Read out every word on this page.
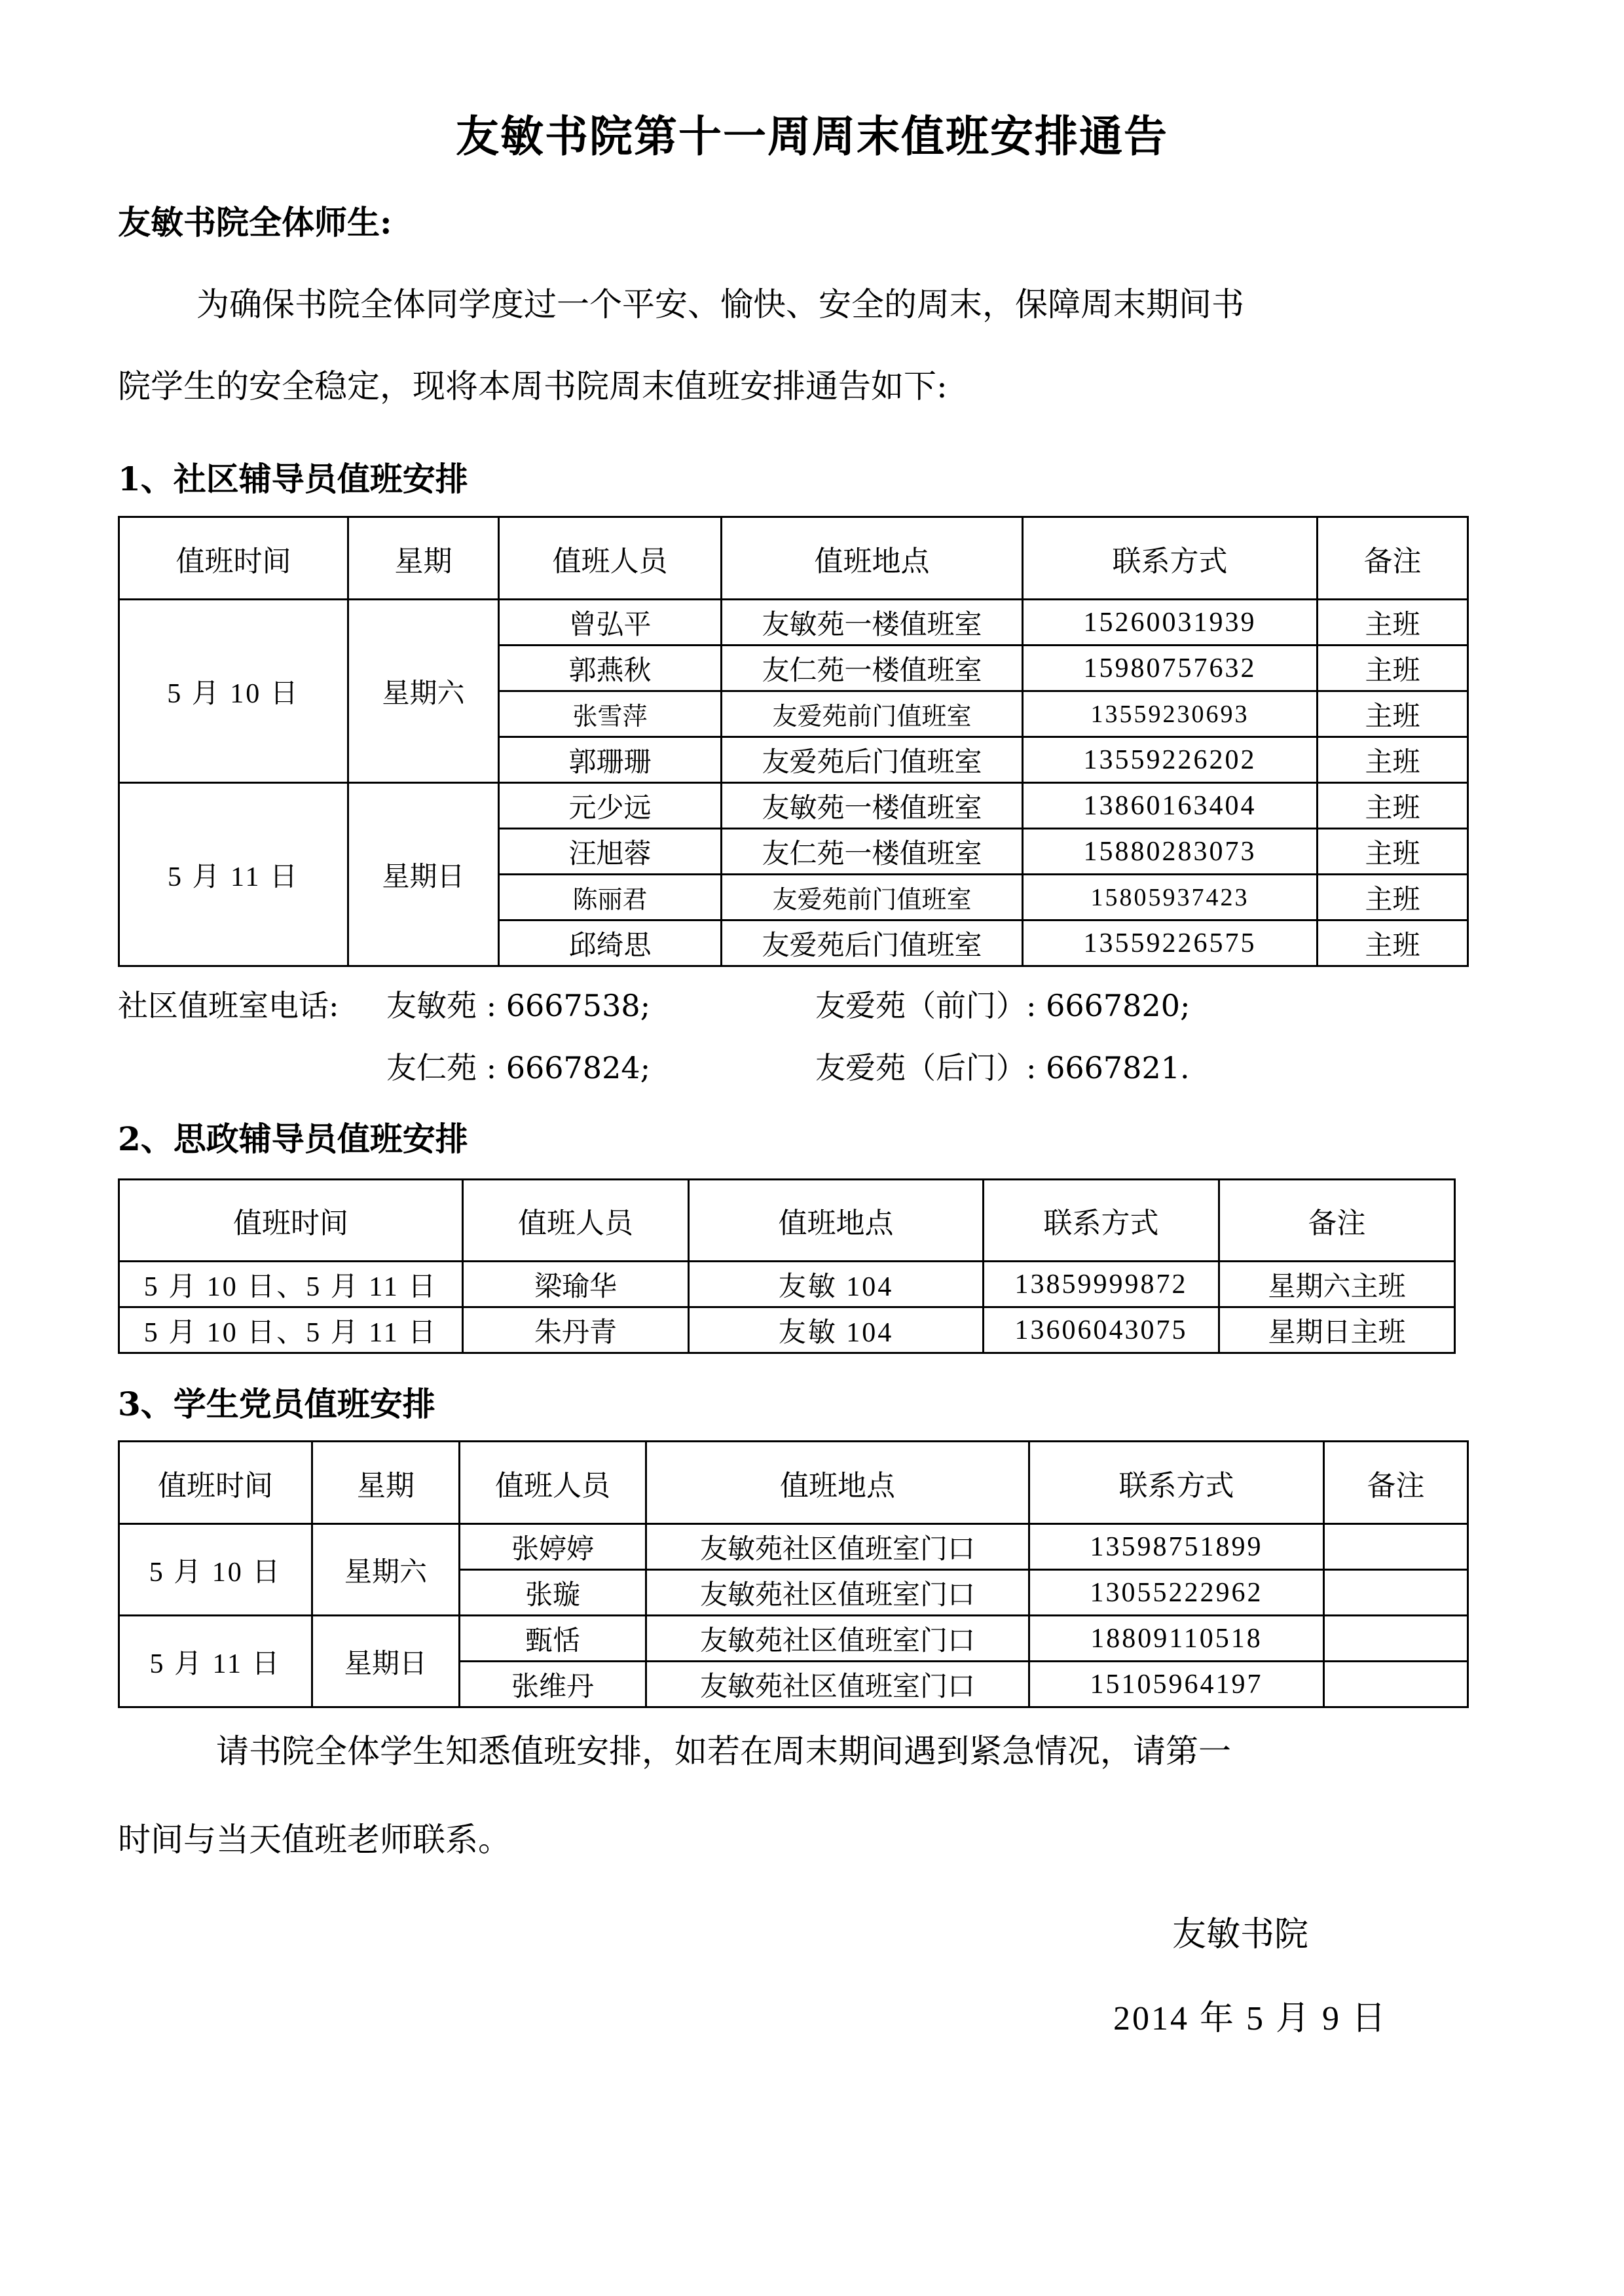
友敏书院第十一周周末值班安排通告
友敏书院全体师生:
为确保书院全体同学度过一个平安、愉快、安全的周末，保障周末期间书
院学生的安全稳定，现将本周书院周末值班安排通告如下:
1、社区辅导员值班安排
值班时间	星期	值班人员	值班地点	联系方式	备注
5 月 10 日	星期六	曾弘平	友敏苑一楼值班室	15260031939	主班
		郭燕秋	友仁苑一楼值班室	15980757632	主班
		张雪萍	友爱苑前门值班室	13559230693	主班
		郭珊珊	友爱苑后门值班室	13559226202	主班
5 月 11 日	星期日	元少远	友敏苑一楼值班室	13860163404	主班
		汪旭蓉	友仁苑一楼值班室	15880283073	主班
		陈丽君	友爱苑前门值班室	15805937423	主班
		邱绮思	友爱苑后门值班室	13559226575	主班
社区值班室电话: 友敏苑 : 6667538;	友爱苑（前门）: 6667820;
友仁苑 : 6667824;	友爱苑（后门）: 6667821.
2、思政辅导员值班安排
值班时间	值班人员	值班地点	联系方式	备注
5 月 10 日、5 月 11 日	梁瑜华	友敏 104	13859999872	星期六主班
5 月 10 日、5 月 11 日	朱丹青	友敏 104	13606043075	星期日主班
3、学生党员值班安排
值班时间	星期	值班人员	值班地点	联系方式	备注
5 月 10 日	星期六	张婷婷	友敏苑社区值班室门口	13598751899	
		张璇	友敏苑社区值班室门口	13055222962	
5 月 11 日	星期日	甄恬	友敏苑社区值班室门口	18809110518	
		张维丹	友敏苑社区值班室门口	15105964197	
请书院全体学生知悉值班安排，如若在周末期间遇到紧急情况，请第一
时间与当天值班老师联系。
友敏书院
2014 年 5 月 9 日
